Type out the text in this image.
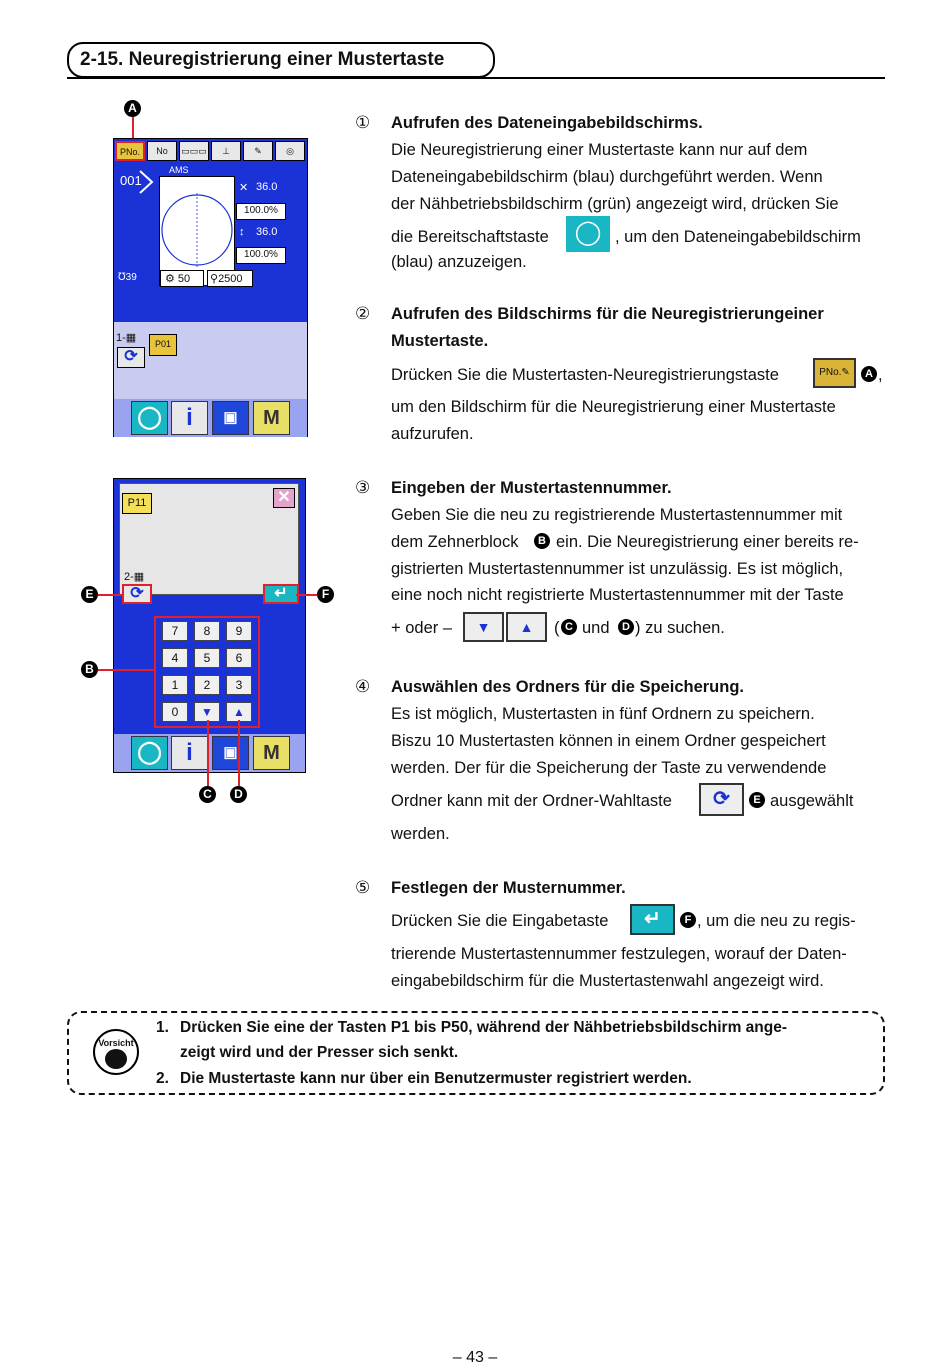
2-15. Neuregistrierung einer Mustertaste
A
PNo.	No	▭▭▭	⊥	✎	◎
001
AMS
✕ 36.0
100.0%
↕ 36.0
100.0%
℧39	⚙ 50	⚲2500
1-▦
⟳
P01
◯	i	▣	M
P11	✕
2-▦
⟳	↵
7	8	9
4	5	6
1	2	3
0	▼	▲
◯	i	▣	M
E	F
B
C	D
① Aufrufen des Dateneingabebildschirms.
Die Neuregistrierung einer Mustertaste kann nur auf dem
Dateneingabebildschirm (blau) durchgeführt werden. Wenn
der Nähbetriebsbildschirm (grün) angezeigt wird, drücken Sie
die Bereitschaftstaste	◯ , um den Dateneingabebildschirm
(blau) anzuzeigen.
② Aufrufen des Bildschirms für die Neuregistrierungeiner
Mustertaste.
Drücken Sie die Mustertasten-Neuregistrierungstaste	PNo.✎	A ,
um den Bildschirm für die Neuregistrierung einer Mustertaste
aufzurufen.
③ Eingeben der Mustertastennummer.
Geben Sie die neu zu registrierende Mustertastennummer mit
dem Zehnerblock	B ein. Die Neuregistrierung einer bereits re-
gistrierten Mustertastennummer ist unzulässig. Es ist möglich,
eine noch nicht registrierte Mustertastennummer mit der Taste
+ oder –	▼	▲	( C und	D ) zu suchen.
④ Auswählen des Ordners für die Speicherung.
Es ist möglich, Mustertasten in fünf Ordnern zu speichern.
Biszu 10 Mustertasten können in einem Ordner gespeichert
werden. Der für die Speicherung der Taste zu verwendende
Ordner kann mit der Ordner-Wahltaste	⟳	E ausgewählt
werden.
⑤ Festlegen der Musternummer.
Drücken Sie die Eingabetaste	↵	F , um die neu zu regis-
trierende Mustertastennummer festzulegen, worauf der Daten-
eingabebildschirm für die Mustertastenwahl angezeigt wird.
Vorsicht
1. Drücken Sie eine der Tasten P1 bis P50, während der Nähbetriebsbildschirm ange-
zeigt wird und der Presser sich senkt.
2. Die Mustertaste kann nur über ein Benutzermuster registriert werden.
– 43 –
